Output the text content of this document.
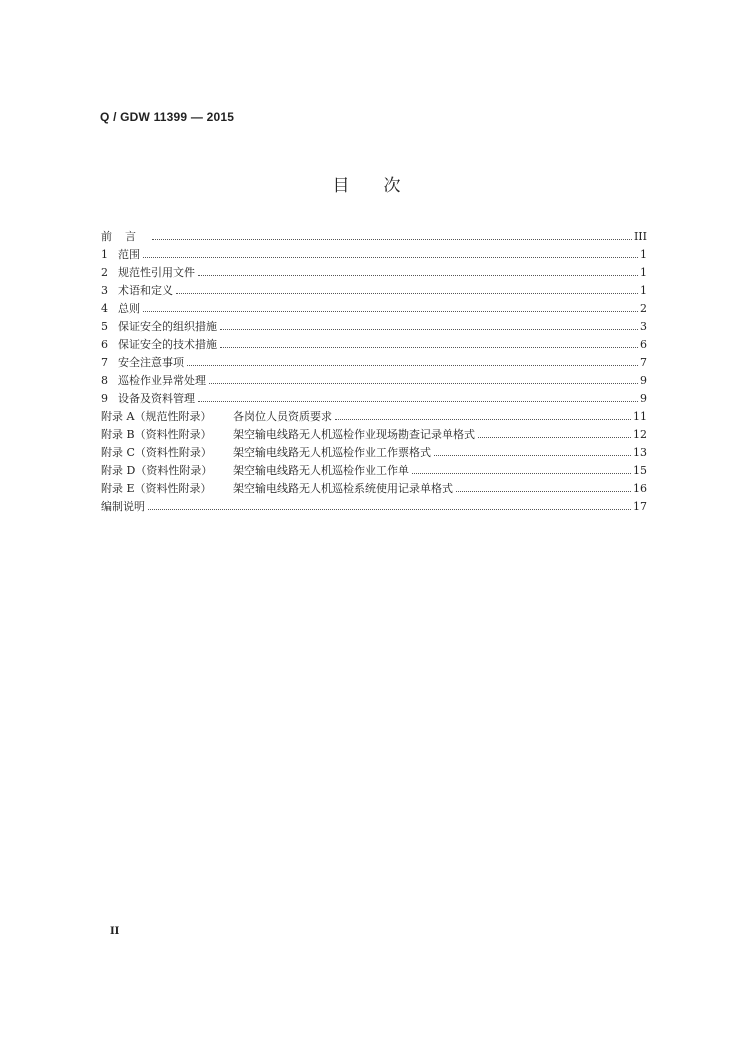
Q / GDW 11399 — 2015
目次
前言	III
1 范围	1
2 规范性引用文件	1
3 术语和定义	1
4 总则	2
5 保证安全的组织措施	3
6 保证安全的技术措施	6
7 安全注意事项	7
8 巡检作业异常处理	9
9 设备及资料管理	9
附录 A（规范性附录）	各岗位人员资质要求	11
附录 B（资料性附录）	架空输电线路无人机巡检作业现场勘查记录单格式	12
附录 C（资料性附录）	架空输电线路无人机巡检作业工作票格式	13
附录 D（资料性附录）	架空输电线路无人机巡检作业工作单	15
附录 E（资料性附录）	架空输电线路无人机巡检系统使用记录单格式	16
编制说明	17
II
